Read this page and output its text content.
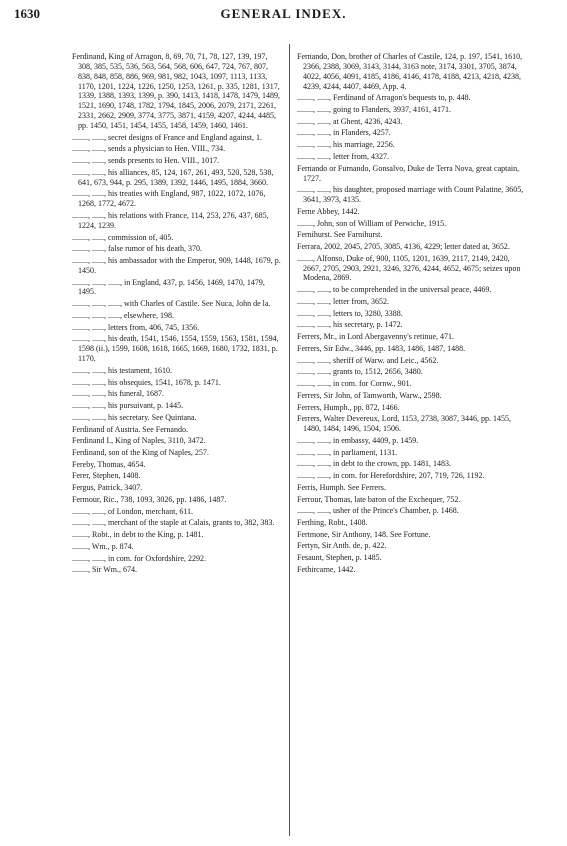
1630	GENERAL INDEX.
Ferdinand, King of Arragon, 8, 69, 70, 71, 78, 127, 139, 197, 308, 385, 535, 536, 563, 564, 568, 606, 647, 724, 767, 807, 838, 848, 858, 886, 969, 981, 982, 1043, 1097, 1113, 1133, 1170, 1201, 1224, 1226, 1250, 1253, 1261, p. 335, 1281, 1317, 1339, 1388, 1393, 1399, p. 390, 1413, 1418, 1478, 1479, 1489, 1521, 1690, 1748, 1782, 1794, 1845, 2006, 2079, 2171, 2261, 2331, 2662, 2909, 3774, 3775, 3871, 4159, 4207, 4244, 4485, pp. 1450, 1451, 1454, 1455, 1458, 1459, 1460, 1461.
........, ......, secret designs of France and England against, 1.
........, ......, sends a physician to Hen. VIII., 734.
........, ......, sends presents to Hen. VIII., 1017.
........, ......, his alliances, 85, 124, 167, 261, 493, 520, 528, 538, 641, 673, 944, p. 295, 1389, 1392, 1446, 1495, 1884, 3660.
........, ......, his treaties with England, 987, 1022, 1072, 1076, 1268, 1772, 4672.
........, ......, his relations with France, 114, 253, 276, 437, 685, 1224, 1239.
........, ......, commission of, 405.
........, ......, false rumor of his death, 370.
........, ......, his ambassador with the Emperor, 909, 1448, 1679, p. 1450.
........, ......, ......, in England, 437, p. 1456, 1469, 1470, 1479, 1495.
........, ......, ......, with Charles of Castile. See Nuca, John de la.
........, ......, ......, elsewhere, 198.
........, ......, letters from, 406, 745, 1356.
........, ......, his death, 1541, 1546, 1554, 1559, 1563, 1581, 1594, 1598 (ii.), 1599, 1608, 1618, 1665, 1669, 1680, 1732, 1831, p. 1170.
........, ......, his testament, 1610.
........, ......, his obsequies, 1541, 1678, p. 1471.
........, ......, his funeral, 1687.
........, ......, his pursuivant, p. 1445.
........, ......, his secretary. See Quintana.
Ferdinand of Austria. See Fernando.
Ferdinand I., King of Naples, 3110, 3472.
Ferdinand, son of the King of Naples, 257.
Fereby, Thomas, 4654.
Ferer, Stephen, 1408.
Fergus, Patrick, 3407.
Fermour, Ric., 738, 1093, 3026, pp. 1486, 1487.
........, ......, of London, merchant, 611.
........, ......, merchant of the staple at Calais, grants to, 382, 383.
........, Robt., in debt to the King, p. 1481.
........, Wm., p. 874.
........, ......, in com. for Oxfordshire, 2292.
........, Sir Wm., 674.
Fernando, Don, brother of Charles of Castile, 124, p. 197, 1541, 1610, 2366, 2388, 3069, 3143, 3144, 3163 note, 3174, 3301, 3705, 3874, 4022, 4056, 4091, 4185, 4186, 4146, 4178, 4188, 4213, 4218, 4238, 4239, 4244, 4407, 4469, App. 4.
........, ......, Ferdinand of Arragon's bequests to, p. 448.
........, ......, going to Flanders, 3937, 4161, 4171.
........, ......, at Ghent, 4236, 4243.
........, ......, in Flanders, 4257.
........, ......, his marriage, 2256.
........, ......, letter from, 4327.
Fernando or Furnando, Gonsalvo, Duke de Terra Nova, great captain, 1727.
........, ......, his daughter, proposed marriage with Count Palatine, 3605, 3641, 3973, 4135.
Ferne Abbey, 1442.
........, John, son of William of Perwiche, 1915.
Fernihurst. See Farnihurst.
Ferrara, 2002, 2045, 2705, 3085, 4136, 4229; letter dated at, 3652.
........, Alfonso, Duke of, 900, 1105, 1201, 1639, 2117, 2149, 2420, 2667, 2705, 2903, 2921, 3246, 3276, 4244, 4652, 4675; seizes upon Modena, 2869.
........, ......, to be comprehended in the universal peace, 4469.
........, ......, letter from, 3652.
........, ......, letters to, 3280, 3388.
........, ......, his secretary, p. 1472.
Ferrers, Mr., in Lord Abergavenny's retinue, 471.
Ferrers, Sir Edw., 3446, pp. 1483, 1486, 1487, 1488.
........, ......, sheriff of Warw. and Leic., 4562.
........, ......, grants to, 1512, 2656, 3480.
........, ......, in com. for Cornw., 901.
Ferrers, Sir John, of Tamworth, Warw., 2598.
Ferrers, Humph., pp. 872, 1466.
Ferrers, Walter Devereux, Lord, 1153, 2738, 3087, 3446, pp. 1455, 1480, 1484, 1496, 1504, 1506.
........, ......, in embassy, 4409, p. 1459.
........, ......, in parliament, 1131.
........, ......, in debt to the crown, pp. 1481, 1483.
........, ......, in com. for Herefordshire, 207, 719, 726, 1192.
Ferris, Humph. See Ferrers.
Ferrour, Thomas, late baron of the Exchequer, 752.
........, ......, usher of the Prince's Chamber, p. 1468.
Ferthing, Robt., 1408.
Fertmone, Sir Anthony, 148. See Fortune.
Fertyn, Sir Anth. de, p. 422.
Fesaunt, Stephen, p. 1485.
Fethircarne, 1442.
